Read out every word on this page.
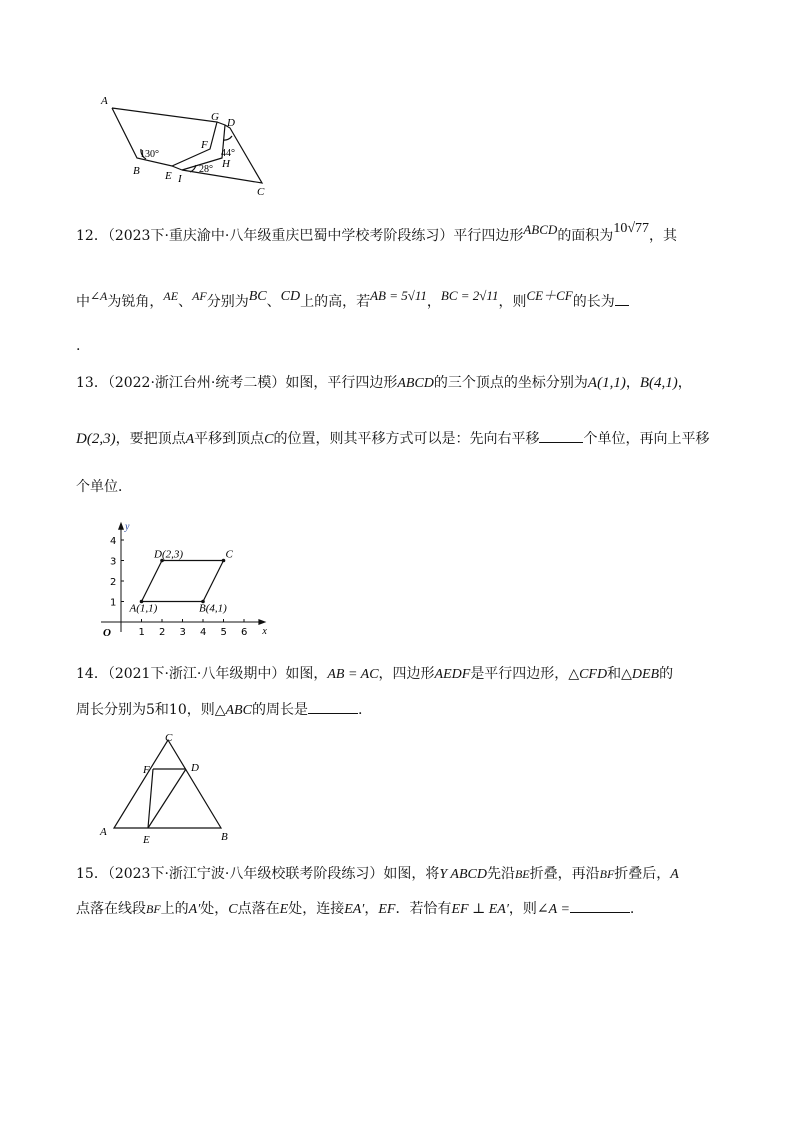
A
G D
F
H
B E I
C
130°	44°
28°
12．（2023下·重庆渝中·八年级重庆巴蜀中学校考阶段练习）平行四边形ABCD的面积为10√77，其
中∠A为锐角，AE、AF分别为BC、CD上的高，若AB = 5√11，BC = 2√11，则CE＋CF的长为
.
13．（2022·浙江台州·统考二模）如图，平行四边形ABCD的三个顶点的坐标分别为A(1,1)，B(4,1)，
D(2,3)，要把顶点A平移到顶点C的位置，则其平移方式可以是：先向右平移	个单位，再向上平移
个单位．
x
y
O	1 2 3 4 5 6
1
2
3
4
A(1,1)	B(4,1)
C
D(2,3)
14．（2021下·浙江·八年级期中）如图，AB = AC，四边形AEDF是平行四边形，△CFD和△DEB的
周长分别为5和10，则△ABC的周长是	.
C
F	D
A
E	B
15．（2023下·浙江宁波·八年级校联考阶段练习）如图，将Y ABCD先沿BE折叠，再沿BF折叠后，A
点落在线段BF上的A′处，C点落在E处，连接EA′，EF．若恰有EF ⊥ EA′，则∠A =	.
